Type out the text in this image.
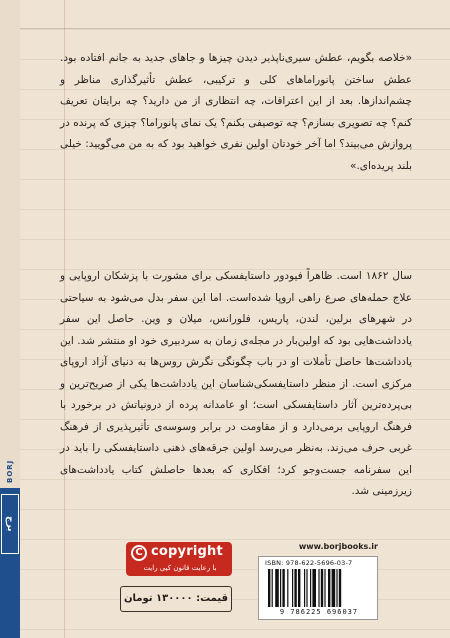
«خلاصه بگویم، عطش سیری‌ناپذیر دیدن چیزها و جاهای جدید به جانم افتاده بود. عطش ساختن پانوراماهای کلی و ترکیبی، عطش تأثیرگذاری مناظر و چشم‌اندازها. بعد از این اعترافات، چه انتظاری از من دارید؟ چه برایتان تعریف کنم؟ چه تصویری بسازم؟ چه توصیفی بکنم؟ یک نمای پانوراما؟ چیزی که پرنده در پروازش می‌بیند؟ اما آخر خودتان اولین نفری خواهید بود که به من می‌گویید: خیلی بلند پریده‌ای.»

سال ۱۸۶۲ است. ظاهراً فیودور داستایفسکی برای مشورت با پزشکان اروپایی و علاج حمله‌های صرع راهی اروپا شده‌است. اما این سفر بدل می‌شود به سیاحتی در شهرهای برلین، لندن، پاریس، فلورانس، میلان و وین. حاصل این سفر یادداشت‌هایی بود که اولین‌بار در مجله‌ی زمان به سردبیری خود او منتشر شد. این یادداشت‌ها حاصل تأملات او در باب چگونگی نگرش روس‌ها به دنیای آزاد اروپای مرکزی است. از منظر داستایفسکی‌شناسان این یادداشت‌ها یکی از صریح‌ترین و بی‌پرده‌ترین آثار داستایفسکی است؛ او عامدانه پرده از درونیاتش در برخورد با فرهنگ اروپایی برمی‌دارد و از مقاومت در برابر وسوسه‌ی تأثیرپذیری از فرهنگ غربی حرف می‌زند. به‌نظر می‌رسد اولین جرقه‌های ذهنی داستایفسکی را باید در این سفرنامه جست‌وجو کرد؛ افکاری که بعدها حاصلش کتاب یادداشت‌های زیرزمینی شد.

BORJ
برج
C copyright
با رعایت قانون کپی رایت
قیمت: ۱۳۰۰۰۰ تومان
www.borjbooks.ir
ISBN: 978-622-5696-03-7
9 786225 696037
